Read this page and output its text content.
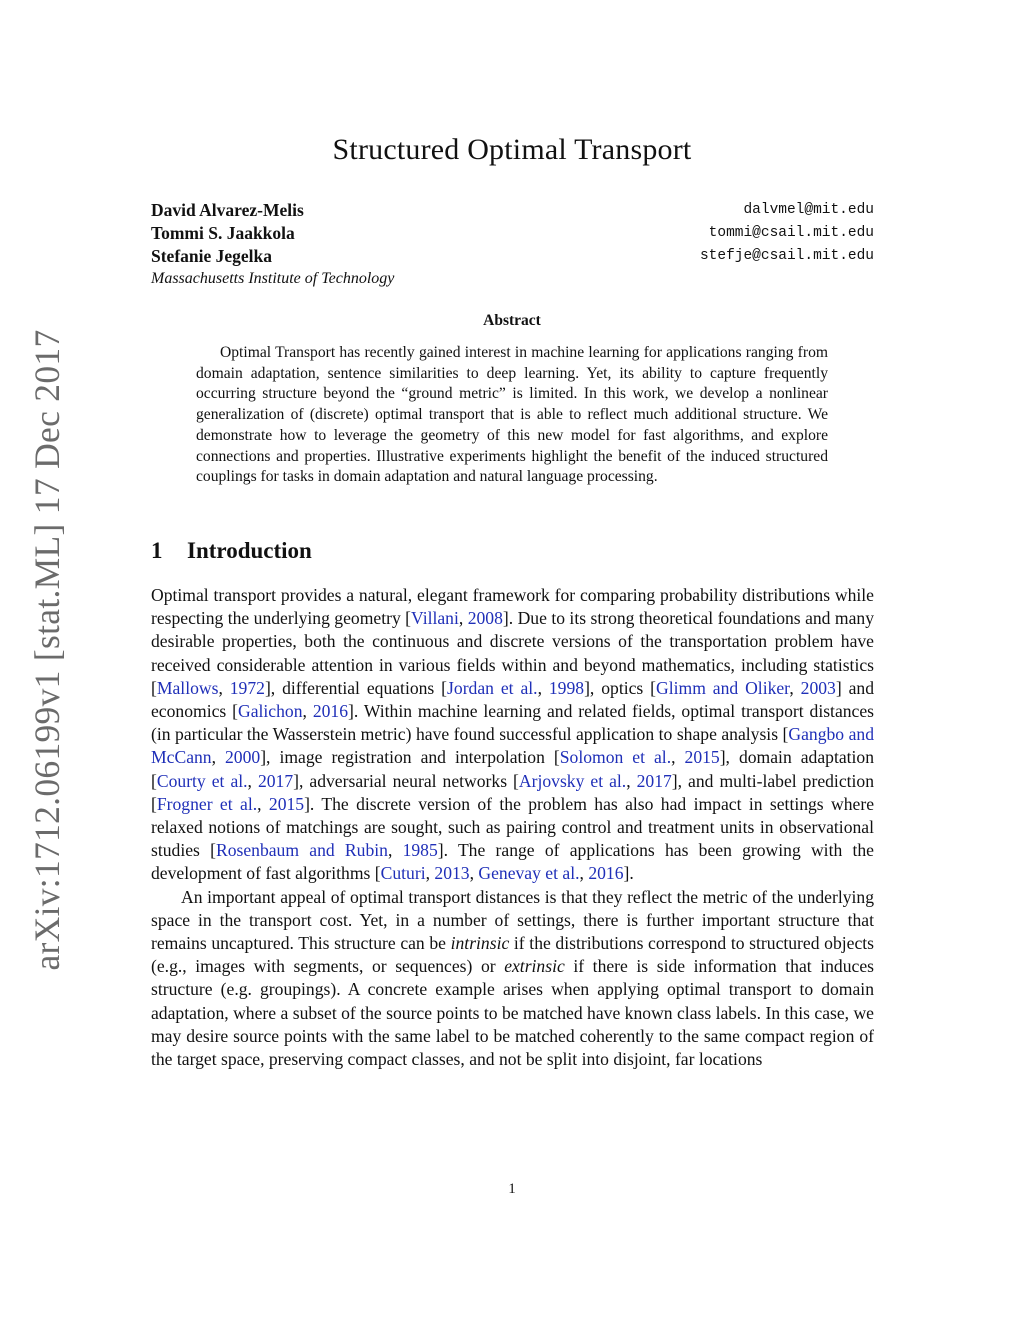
Structured Optimal Transport
David Alvarez-Melis	dalvmel@mit.edu
Tommi S. Jaakkola	tommi@csail.mit.edu
Stefanie Jegelka	stefje@csail.mit.edu
Massachusetts Institute of Technology
Abstract

Optimal Transport has recently gained interest in machine learning for applications ranging from domain adaptation, sentence similarities to deep learning. Yet, its ability to capture frequently occurring structure beyond the “ground metric” is limited. In this work, we develop a nonlinear generalization of (discrete) optimal transport that is able to reflect much additional structure. We demonstrate how to leverage the geometry of this new model for fast algorithms, and explore connections and properties. Illustrative experiments highlight the benefit of the induced structured couplings for tasks in domain adaptation and natural language processing.

arXiv:1712.06199v1 [stat.ML] 17 Dec 2017	1 Introduction

Optimal transport provides a natural, elegant framework for comparing probability distributions while respecting the underlying geometry [Villani, 2008]. Due to its strong theoretical foundations and many desirable properties, both the continuous and discrete versions of the transportation problem have received considerable attention in various fields within and beyond mathematics, including statistics [Mallows, 1972], differential equations [Jordan et al., 1998], optics [Glimm and Oliker, 2003] and economics [Galichon, 2016]. Within machine learning and related fields, optimal transport distances (in particular the Wasserstein metric) have found successful application to shape analysis [Gangbo and McCann, 2000], image registration and interpolation [Solomon et al., 2015], domain adaptation [Courty et al., 2017], adversarial neural networks [Arjovsky et al., 2017], and multi-label prediction [Frogner et al., 2015]. The discrete version of the problem has also had impact in settings where relaxed notions of matchings are sought, such as pairing control and treatment units in observational studies [Rosenbaum and Rubin, 1985]. The range of applications has been growing with the development of fast algorithms [Cuturi, 2013, Genevay et al., 2016].

An important appeal of optimal transport distances is that they reflect the metric of the underlying space in the transport cost. Yet, in a number of settings, there is further important structure that remains uncaptured. This structure can be intrinsic if the distributions correspond to structured objects (e.g., images with segments, or sequences) or extrinsic if there is side information that induces structure (e.g. groupings). A concrete example arises when applying optimal transport to domain adaptation, where a subset of the source points to be matched have known class labels. In this case, we may desire source points with the same label to be matched coherently to the same compact region of the target space, preserving compact classes, and not be split into disjoint, far locations

1
